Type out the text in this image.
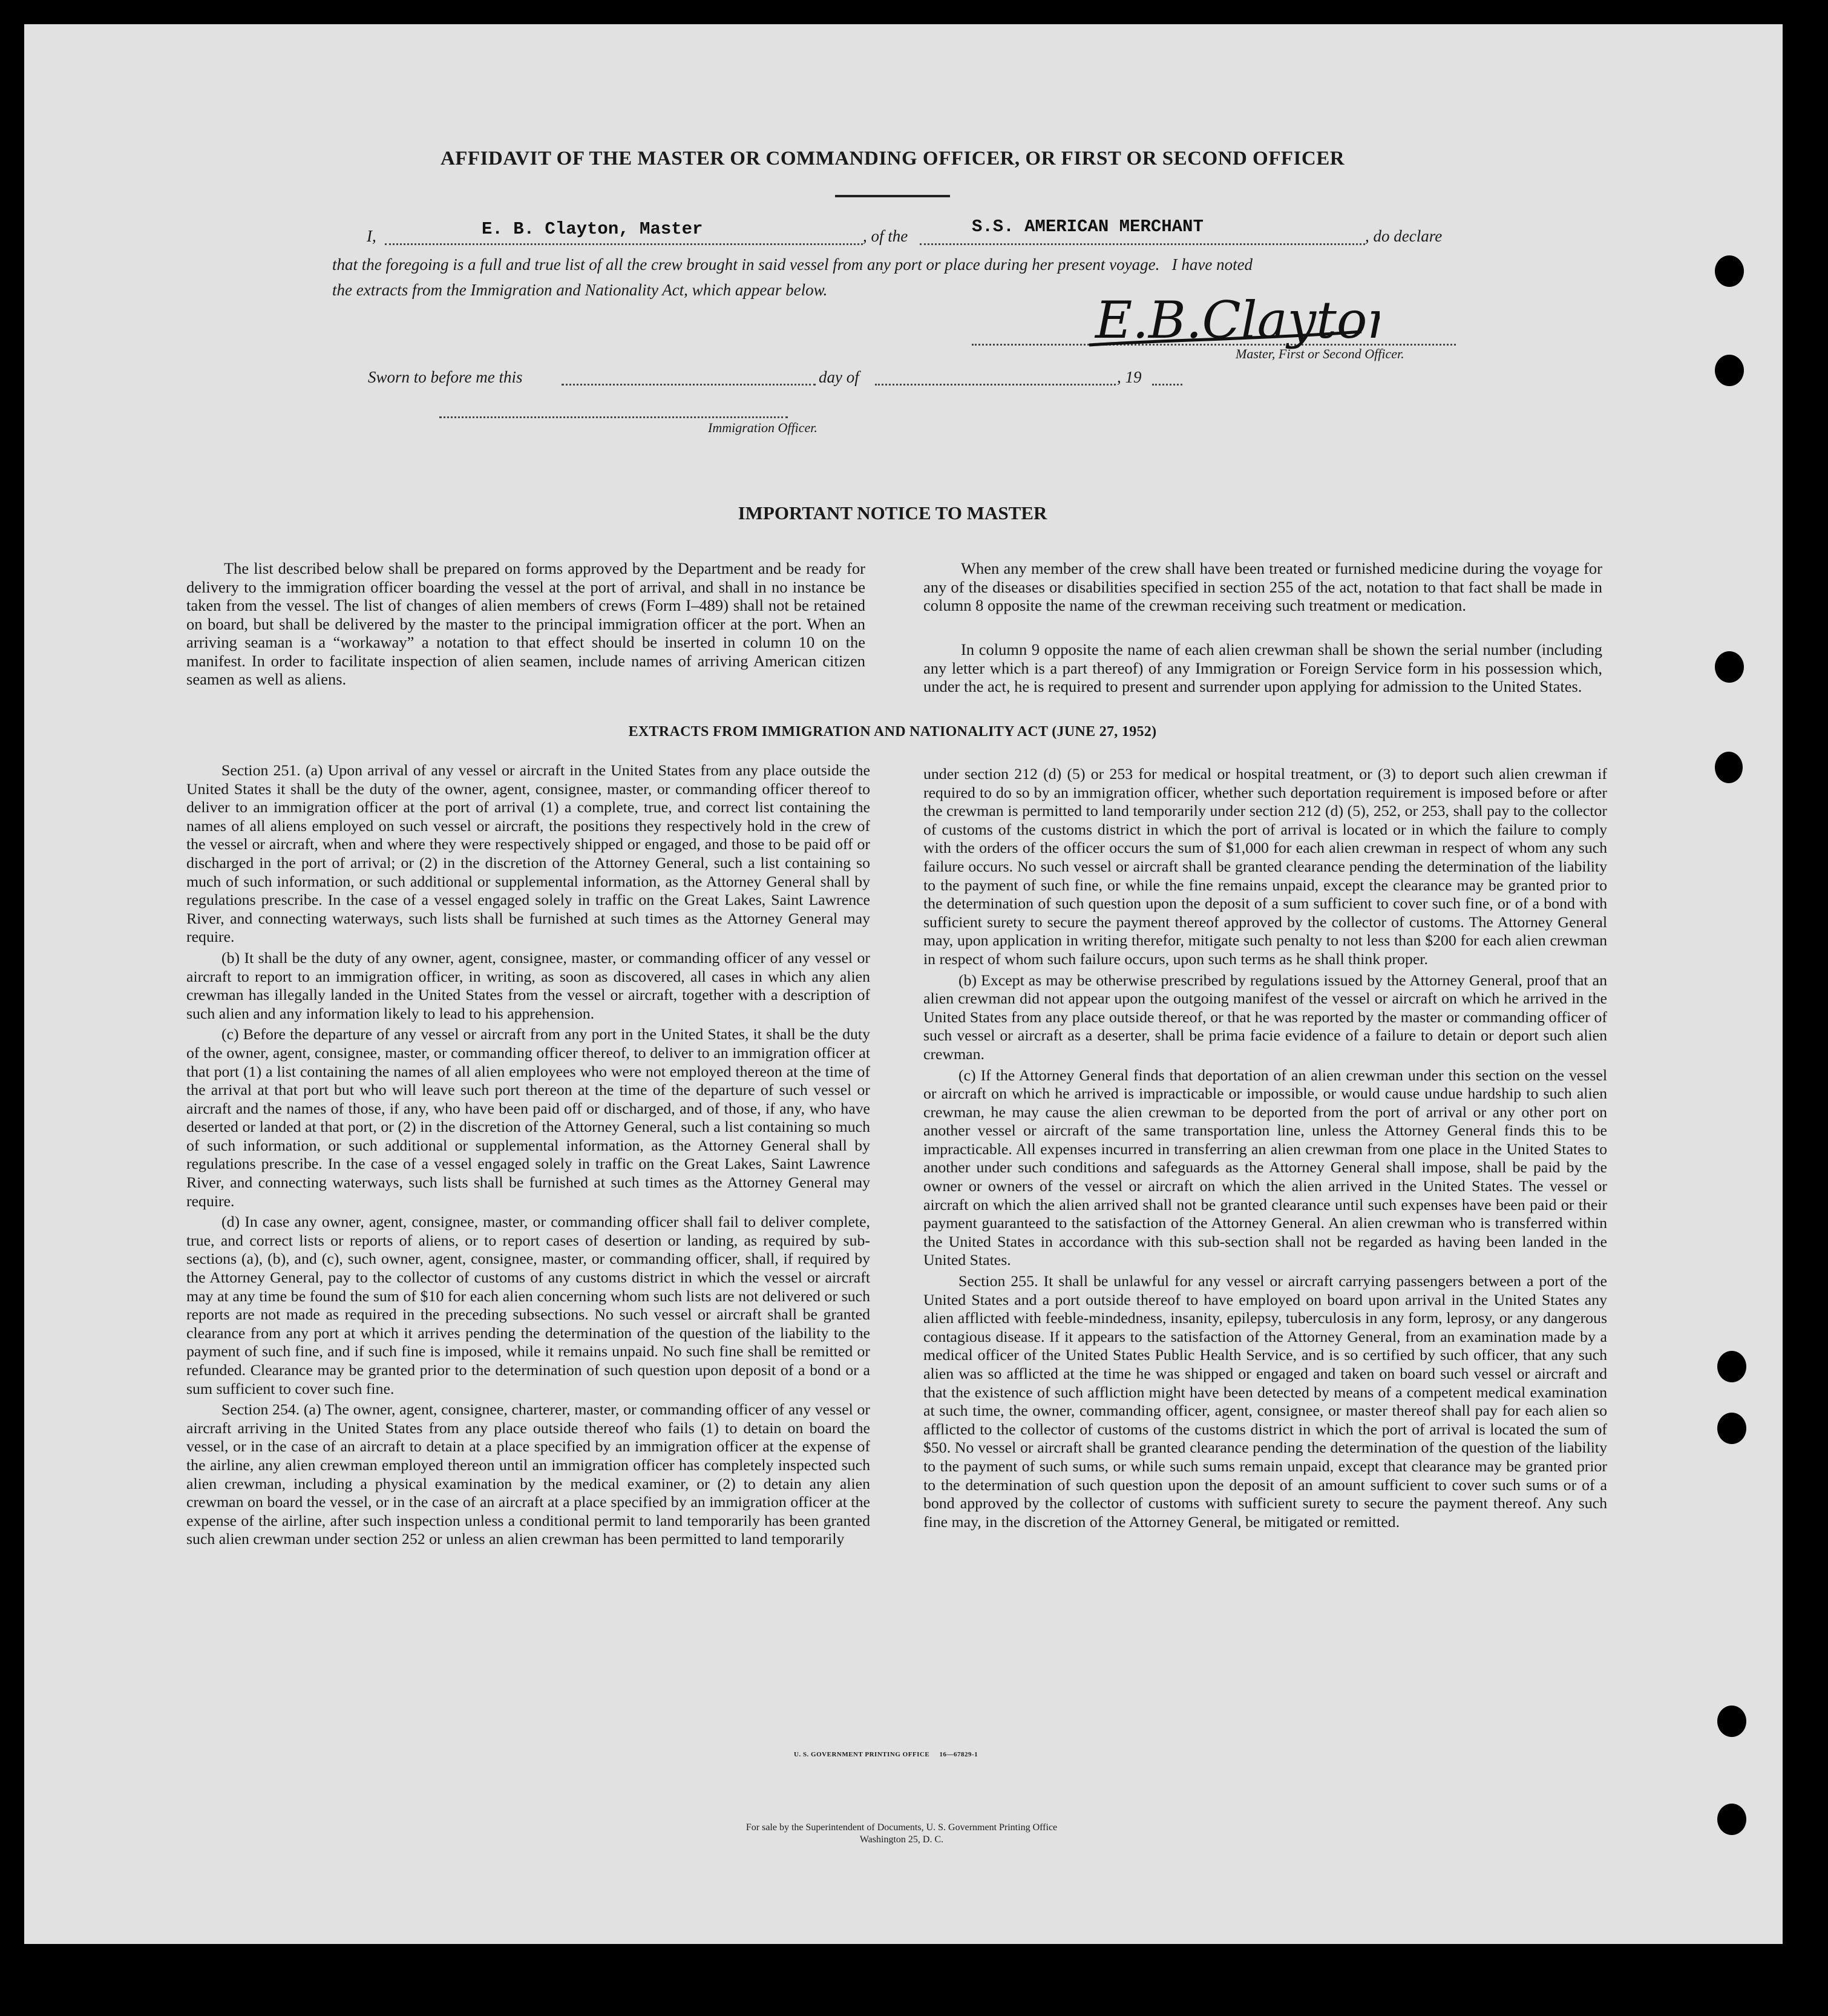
AFFIDAVIT OF THE MASTER OR COMMANDING OFFICER, OR FIRST OR SECOND OFFICER
I,	E. B. Clayton, Master	, of the	S.S. AMERICAN MERCHANT	, do declare
that the foregoing is a full and true list of all the crew brought in said vessel from any port or place during her present voyage.   I have noted
the extracts from the Immigration and Nationality Act, which appear below.
E.B.Clayton
Master, First or Second Officer.
Sworn to before me this	day of	, 19
Immigration Officer.
IMPORTANT NOTICE TO MASTER
The list described below shall be prepared on forms approved by the Department and be ready for delivery to the immigration officer boarding the vessel at the port of arrival, and shall in no instance be taken from the vessel. The list of changes of alien members of crews (Form I–489) shall not be retained on board, but shall be delivered by the master to the principal immigration officer at the port. When an arriving seaman is a “workaway” a notation to that effect should be inserted in column 10 on the manifest. In order to facilitate inspection of alien seamen, include names of arriving American citizen seamen as well as aliens.
When any member of the crew shall have been treated or furnished medicine during the voyage for any of the diseases or disabilities specified in section 255 of the act, notation to that fact shall be made in column 8 opposite the name of the crewman receiving such treatment or medication.
In column 9 opposite the name of each alien crewman shall be shown the serial number (including any letter which is a part thereof) of any Immigration or Foreign Service form in his possession which, under the act, he is required to present and surrender upon applying for admission to the United States.
EXTRACTS FROM IMMIGRATION AND NATIONALITY ACT (JUNE 27, 1952)

Section 251. (a) Upon arrival of any vessel or aircraft in the United States from any place outside the United States it shall be the duty of the owner, agent, consignee, master, or commanding officer thereof to deliver to an immigration officer at the port of arrival (1) a complete, true, and correct list containing the names of all aliens employed on such vessel or aircraft, the positions they respectively hold in the crew of the vessel or aircraft, when and where they were respectively shipped or engaged, and those to be paid off or discharged in the port of arrival; or (2) in the discretion of the Attorney General, such a list containing so much of such information, or such additional or supplemental information, as the Attorney General shall by regulations prescribe. In the case of a vessel engaged solely in traffic on the Great Lakes, Saint Lawrence River, and connecting waterways, such lists shall be furnished at such times as the Attorney General may require.

(b) It shall be the duty of any owner, agent, consignee, master, or commanding officer of any vessel or aircraft to report to an immigration officer, in writing, as soon as discovered, all cases in which any alien crewman has illegally landed in the United States from the vessel or aircraft, together with a description of such alien and any information likely to lead to his apprehension.

(c) Before the departure of any vessel or aircraft from any port in the United States, it shall be the duty of the owner, agent, consignee, master, or commanding officer thereof, to deliver to an immigration officer at that port (1) a list containing the names of all alien employees who were not employed thereon at the time of the arrival at that port but who will leave such port thereon at the time of the departure of such vessel or aircraft and the names of those, if any, who have been paid off or discharged, and of those, if any, who have deserted or landed at that port, or (2) in the discretion of the Attorney General, such a list containing so much of such information, or such additional or supplemental information, as the Attorney General shall by regulations prescribe. In the case of a vessel engaged solely in traffic on the Great Lakes, Saint Lawrence River, and connecting waterways, such lists shall be furnished at such times as the Attorney General may require.

(d) In case any owner, agent, consignee, master, or commanding officer shall fail to deliver complete, true, and correct lists or reports of aliens, or to report cases of desertion or landing, as required by sub-sections (a), (b), and (c), such owner, agent, consignee, master, or commanding officer, shall, if required by the Attorney General, pay to the collector of customs of any customs district in which the vessel or aircraft may at any time be found the sum of $10 for each alien concerning whom such lists are not delivered or such reports are not made as required in the preceding subsections. No such vessel or aircraft shall be granted clearance from any port at which it arrives pending the determination of the question of the liability to the payment of such fine, and if such fine is imposed, while it remains unpaid. No such fine shall be remitted or refunded. Clearance may be granted prior to the determination of such question upon deposit of a bond or a sum sufficient to cover such fine.

Section 254. (a) The owner, agent, consignee, charterer, master, or commanding officer of any vessel or aircraft arriving in the United States from any place outside thereof who fails (1) to detain on board the vessel, or in the case of an aircraft to detain at a place specified by an immigration officer at the expense of the airline, any alien crewman employed thereon until an immigration officer has completely inspected such alien crewman, including a physical examination by the medical examiner, or (2) to detain any alien crewman on board the vessel, or in the case of an aircraft at a place specified by an immigration officer at the expense of the airline, after such inspection unless a conditional permit to land temporarily has been granted such alien crewman under section 252 or unless an alien crewman has been permitted to land temporarily

under section 212 (d) (5) or 253 for medical or hospital treatment, or (3) to deport such alien crewman if required to do so by an immigration officer, whether such deportation requirement is imposed before or after the crewman is permitted to land temporarily under section 212 (d) (5), 252, or 253, shall pay to the collector of customs of the customs district in which the port of arrival is located or in which the failure to comply with the orders of the officer occurs the sum of $1,000 for each alien crewman in respect of whom any such failure occurs. No such vessel or aircraft shall be granted clearance pending the determination of the liability to the payment of such fine, or while the fine remains unpaid, except the clearance may be granted prior to the determination of such question upon the deposit of a sum sufficient to cover such fine, or of a bond with sufficient surety to secure the payment thereof approved by the collector of customs. The Attorney General may, upon application in writing therefor, mitigate such penalty to not less than $200 for each alien crewman in respect of whom such failure occurs, upon such terms as he shall think proper.

(b) Except as may be otherwise prescribed by regulations issued by the Attorney General, proof that an alien crewman did not appear upon the outgoing manifest of the vessel or aircraft on which he arrived in the United States from any place outside thereof, or that he was reported by the master or commanding officer of such vessel or aircraft as a deserter, shall be prima facie evidence of a failure to detain or deport such alien crewman.

(c) If the Attorney General finds that deportation of an alien crewman under this section on the vessel or aircraft on which he arrived is impracticable or impossible, or would cause undue hardship to such alien crewman, he may cause the alien crewman to be deported from the port of arrival or any other port on another vessel or aircraft of the same transportation line, unless the Attorney General finds this to be impracticable. All expenses incurred in transferring an alien crewman from one place in the United States to another under such conditions and safeguards as the Attorney General shall impose, shall be paid by the owner or owners of the vessel or aircraft on which the alien arrived in the United States. The vessel or aircraft on which the alien arrived shall not be granted clearance until such expenses have been paid or their payment guaranteed to the satisfaction of the Attorney General. An alien crewman who is transferred within the United States in accordance with this sub-section shall not be regarded as having been landed in the United States.

Section 255. It shall be unlawful for any vessel or aircraft carrying passengers between a port of the United States and a port outside thereof to have employed on board upon arrival in the United States any alien afflicted with feeble-mindedness, insanity, epilepsy, tuberculosis in any form, leprosy, or any dangerous contagious disease. If it appears to the satisfaction of the Attorney General, from an examination made by a medical officer of the United States Public Health Service, and is so certified by such officer, that any such alien was so afflicted at the time he was shipped or engaged and taken on board such vessel or aircraft and that the existence of such affliction might have been detected by means of a competent medical examination at such time, the owner, commanding officer, agent, consignee, or master thereof shall pay for each alien so afflicted to the collector of customs of the customs district in which the port of arrival is located the sum of $50. No vessel or aircraft shall be granted clearance pending the determination of the question of the liability to the payment of such sums, or while such sums remain unpaid, except that clearance may be granted prior to the determination of such question upon the deposit of an amount sufficient to cover such sums or of a bond approved by the collector of customs with sufficient surety to secure the payment thereof. Any such fine may, in the discretion of the Attorney General, be mitigated or remitted.

U. S. GOVERNMENT PRINTING OFFICE     16—67829-1
For sale by the Superintendent of Documents, U. S. Government Printing Office
Washington 25, D. C.
